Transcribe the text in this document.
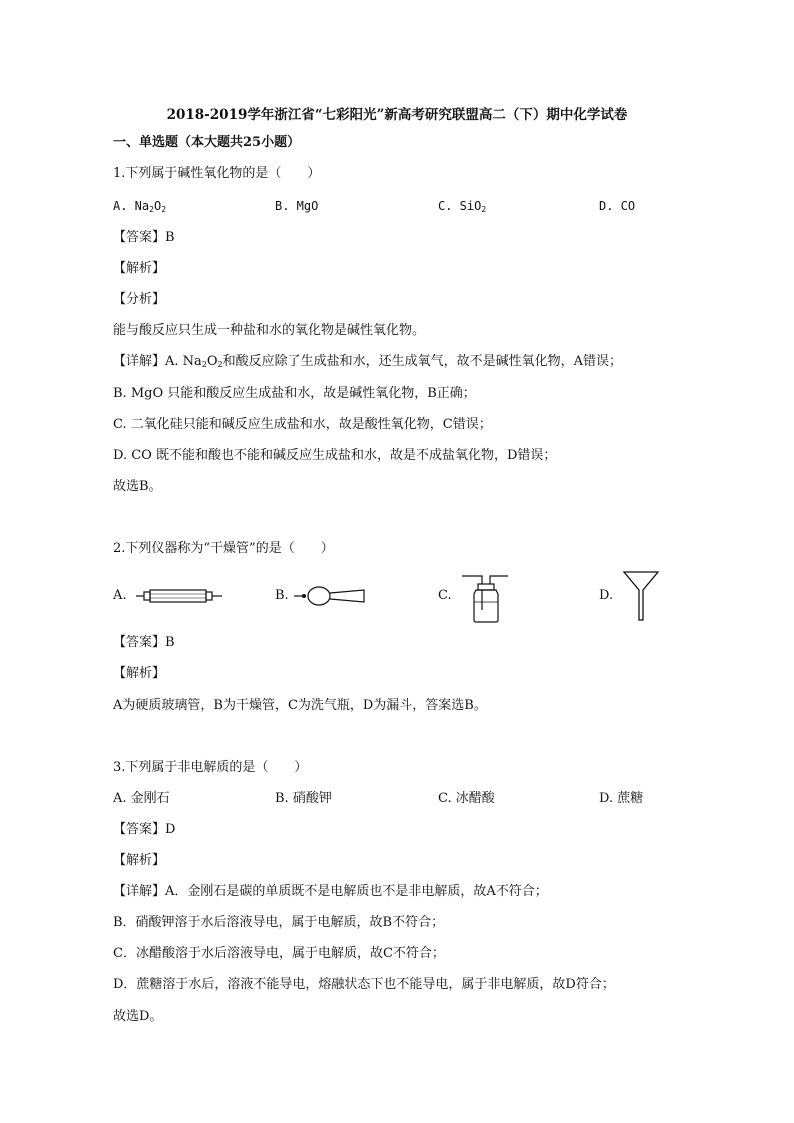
2018-2019学年浙江省“七彩阳光”新高考研究联盟高二（下）期中化学试卷
一、单选题（本大题共25小题）
1.下列属于碱性氧化物的是（　　）
A. $Na_2O_2$	B. MgO	C. SiO$_2$	D. CO
【答案】B
【解析】
【分析】
能与酸反应只生成一种盐和水的氧化物是碱性氧化物。
【详解】A. $Na_2O_2$和酸反应除了生成盐和水，还生成氧气，故不是碱性氧化物，A错误；
B. MgO 只能和酸反应生成盐和水，故是碱性氧化物，B正确；
C. 二氧化硅只能和碱反应生成盐和水，故是酸性氧化物，C错误；
D. CO 既不能和酸也不能和碱反应生成盐和水，故是不成盐氧化物，D错误；
故选B。
2.下列仪器称为“干燥管”的是（　　）
A.	B.	C.	D.
【答案】B
【解析】
A为硬质玻璃管，B为干燥管，C为洗气瓶，D为漏斗，答案选B。
3.下列属于非电解质的是（　　）
A. 金刚石	B. 硝酸钾	C. 冰醋酸	D. 蔗糖
【答案】D
【解析】
【详解】A．金刚石是碳的单质既不是电解质也不是非电解质，故A不符合；
B．硝酸钾溶于水后溶液导电，属于电解质，故B不符合；
C．冰醋酸溶于水后溶液导电，属于电解质，故C不符合；
D．蔗糖溶于水后，溶液不能导电，熔融状态下也不能导电，属于非电解质，故D符合；
故选D。
